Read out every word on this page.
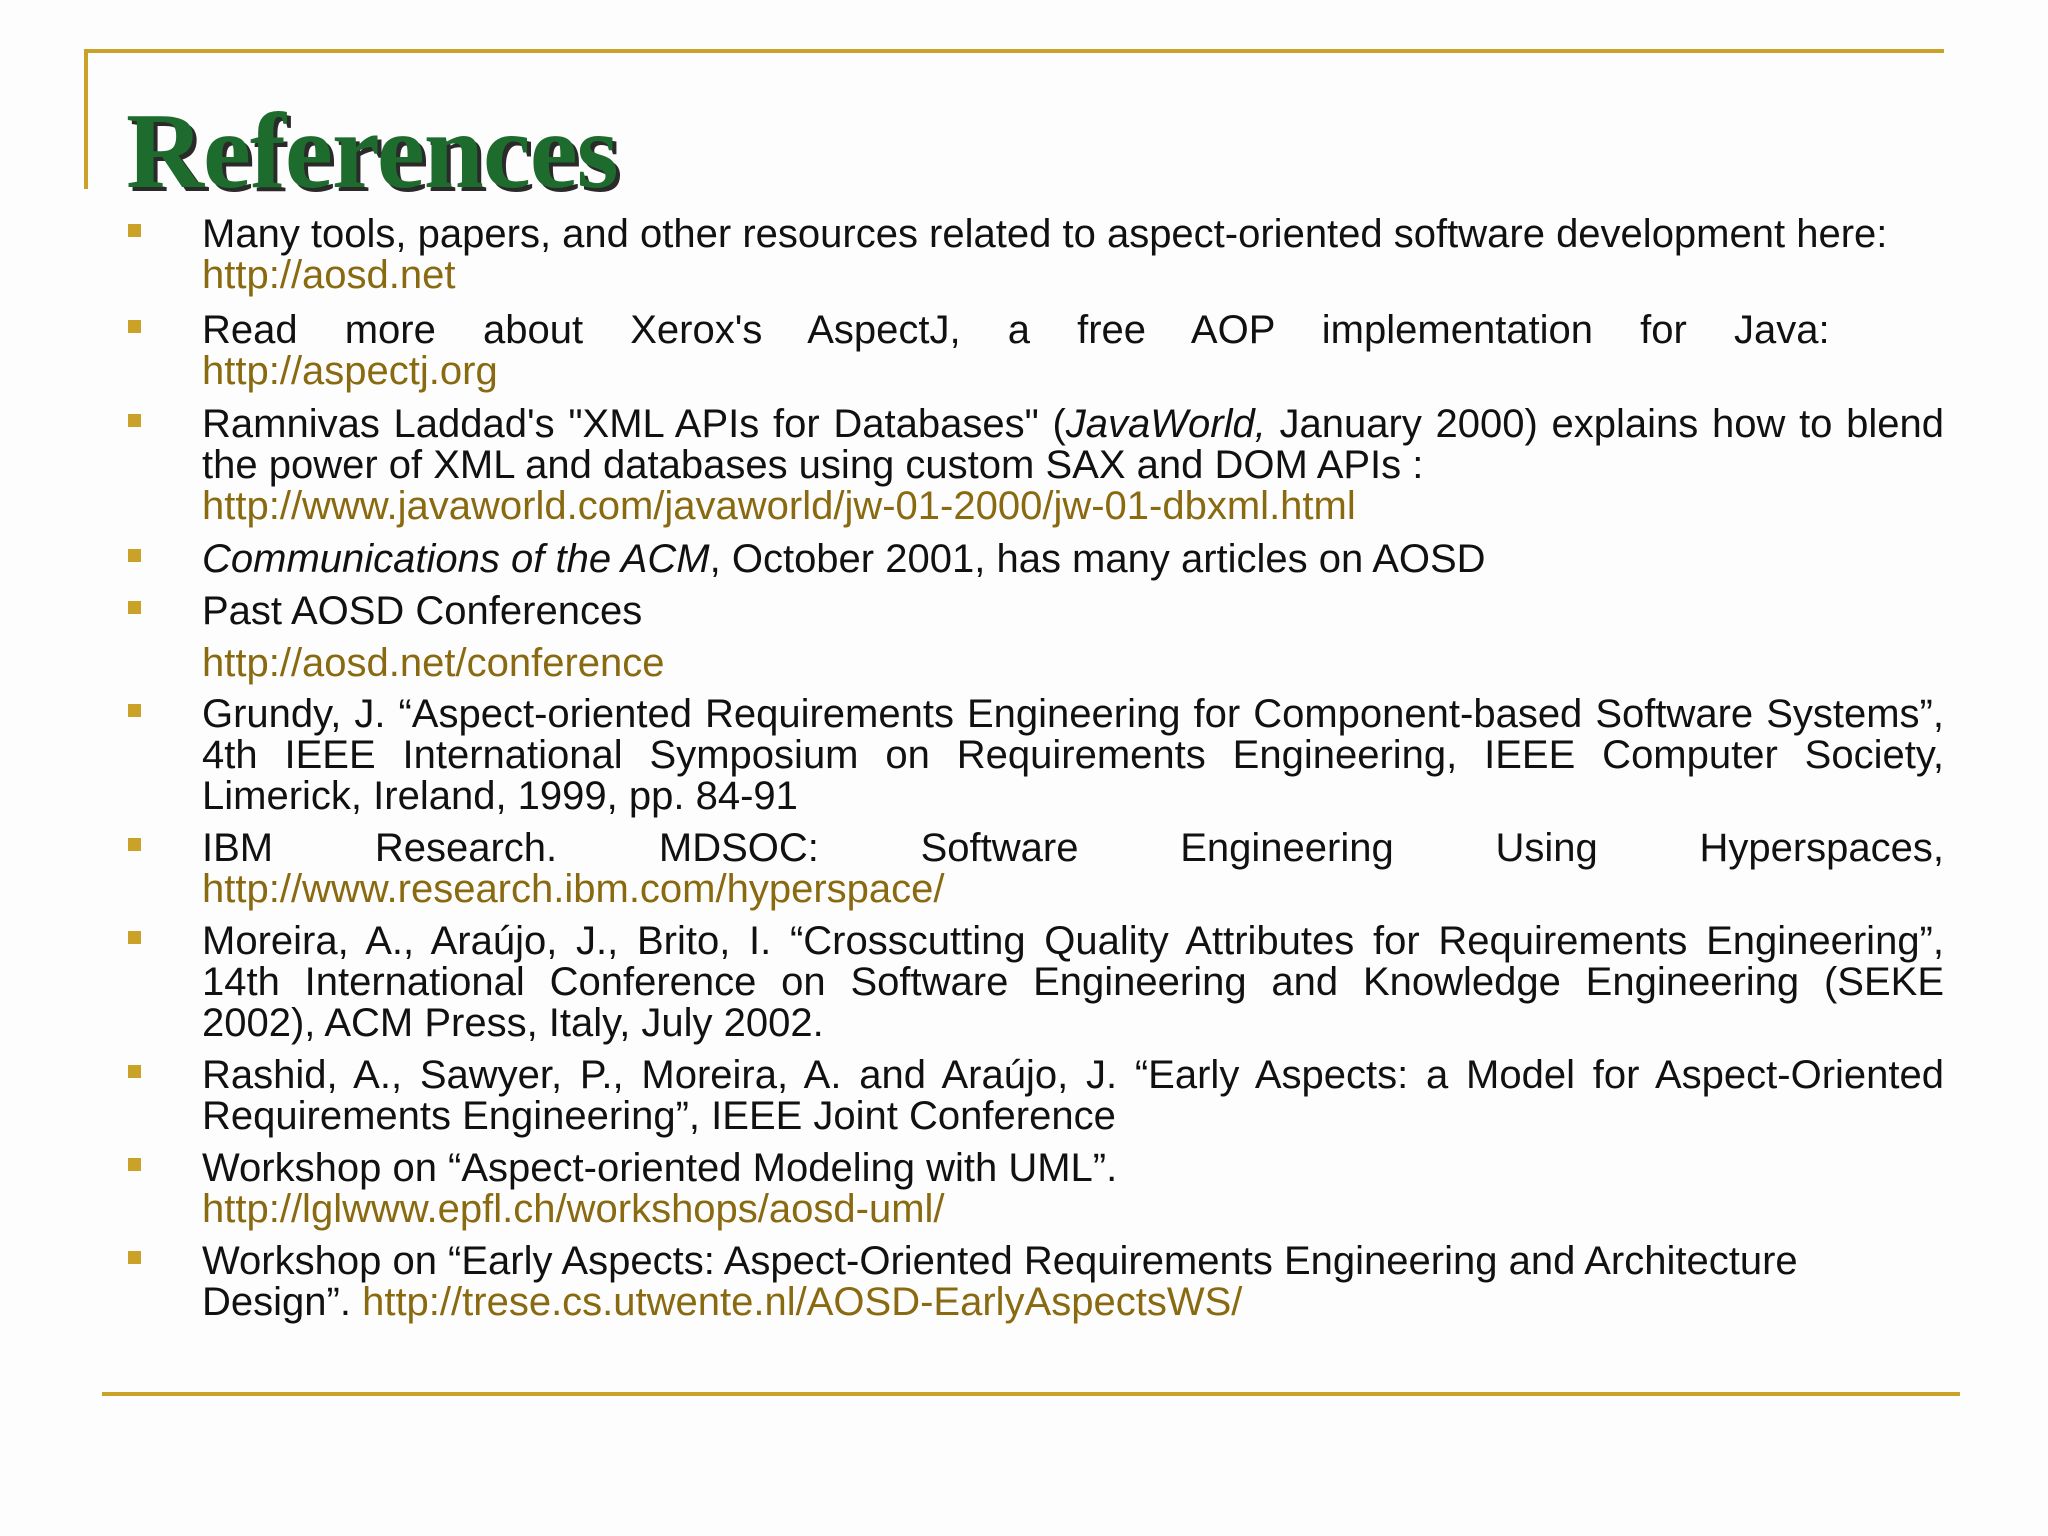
References
Many tools, papers, and other resources related to aspect-oriented software development here:
http://aosd.net
Read more about Xerox's AspectJ, a free AOP implementation for Java:
http://aspectj.org
Ramnivas Laddad's "XML APIs for Databases" (JavaWorld, January 2000) explains how to blend the power of XML and databases using custom SAX and DOM APIs :
http://www.javaworld.com/javaworld/jw-01-2000/jw-01-dbxml.html
Communications of the ACM, October 2001, has many articles on AOSD
Past AOSD Conferences
http://aosd.net/conference
Grundy, J. “Aspect-oriented Requirements Engineering for Component-based Software Systems”, 4th IEEE International Symposium on Requirements Engineering, IEEE Computer Society, Limerick, Ireland, 1999, pp. 84-91
IBM Research. MDSOC: Software Engineering Using Hyperspaces, http://www.research.ibm.com/hyperspace/
Moreira, A., Araújo, J., Brito, I. “Crosscutting Quality Attributes for Requirements Engineering”, 14th International Conference on Software Engineering and Knowledge Engineering (SEKE 2002), ACM Press, Italy, July 2002.
Rashid, A., Sawyer, P., Moreira, A. and Araújo, J. “Early Aspects: a Model for Aspect-Oriented Requirements Engineering”, IEEE Joint Conference
Workshop on “Aspect-oriented Modeling with UML”.
http://lglwww.epfl.ch/workshops/aosd-uml/
Workshop on “Early Aspects: Aspect-Oriented Requirements Engineering and Architecture Design”. http://trese.cs.utwente.nl/AOSD-EarlyAspectsWS/
